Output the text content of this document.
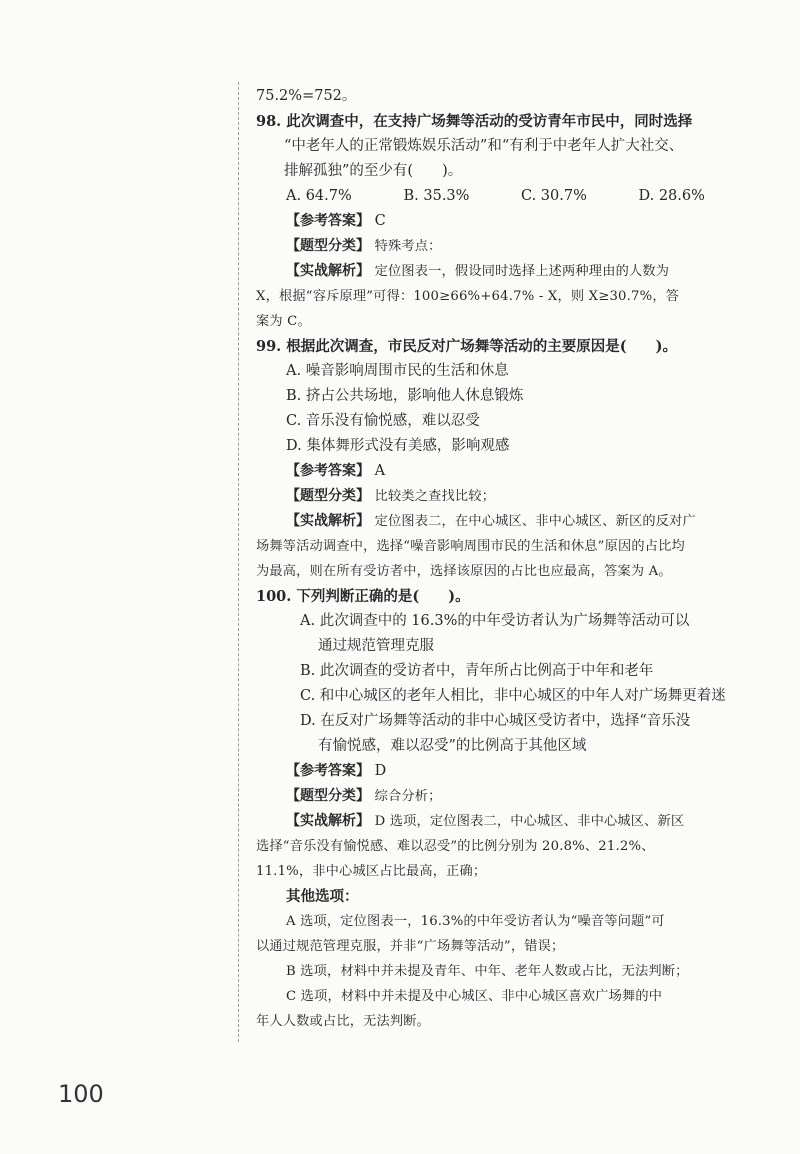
75.2%=752。

98. 此次调查中，在支持广场舞等活动的受访青年市民中，同时选择

“中老年人的正常锻炼娱乐活动”和“有利于中老年人扩大社交、

排解孤独”的至少有(　　)。

A. 64.7%	B. 35.3%	C. 30.7%	D. 28.6%

【参考答案】 C

【题型分类】 特殊考点：

【实战解析】 定位图表一，假设同时选择上述两种理由的人数为

X，根据“容斥原理”可得：100≥66%+64.7% - X，则 X≥30.7%，答

案为 C。

99. 根据此次调查，市民反对广场舞等活动的主要原因是(　　)。

A. 噪音影响周围市民的生活和休息

B. 挤占公共场地，影响他人休息锻炼

C. 音乐没有愉悦感，难以忍受

D. 集体舞形式没有美感，影响观感

【参考答案】 A

【题型分类】 比较类之查找比较；

【实战解析】 定位图表二，在中心城区、非中心城区、新区的反对广

场舞等活动调查中，选择“噪音影响周围市民的生活和休息”原因的占比均

为最高，则在所有受访者中，选择该原因的占比也应最高，答案为 A。

100. 下列判断正确的是(　　)。

A. 此次调查中的 16.3%的中年受访者认为广场舞等活动可以

通过规范管理克服

B. 此次调查的受访者中，青年所占比例高于中年和老年

C. 和中心城区的老年人相比，非中心城区的中年人对广场舞更着迷

D. 在反对广场舞等活动的非中心城区受访者中，选择“音乐没

有愉悦感，难以忍受”的比例高于其他区域

【参考答案】 D

【题型分类】 综合分析；

【实战解析】 D 选项，定位图表二，中心城区、非中心城区、新区

选择“音乐没有愉悦感、难以忍受”的比例分别为 20.8%、21.2%、

11.1%，非中心城区占比最高，正确；

其他选项：

A 选项，定位图表一，16.3%的中年受访者认为“噪音等问题”可

以通过规范管理克服，并非“广场舞等活动”，错误；

B 选项，材料中并未提及青年、中年、老年人数或占比，无法判断；

C 选项，材料中并未提及中心城区、非中心城区喜欢广场舞的中

年人人数或占比，无法判断。

100
